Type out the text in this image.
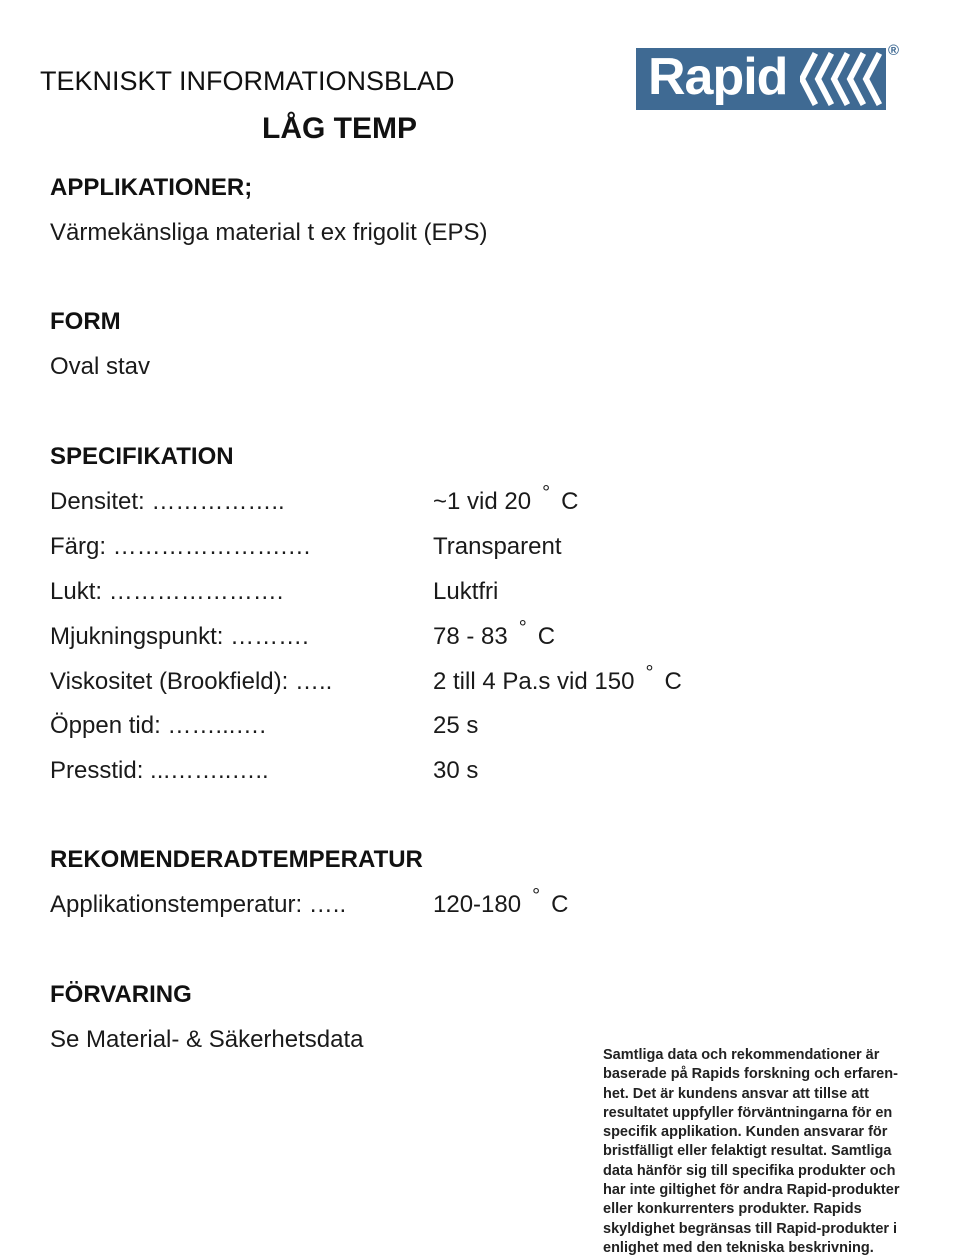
TEKNISKT INFORMATIONSBLAD
LÅG TEMP
Rapid	®
APPLIKATIONER;
Värmekänsliga material t ex frigolit (EPS)
FORM
Oval stav
SPECIFIKATION
Densitet: ……………..	~1 vid 20 ° C
Färg: ………………….…	Transparent
Lukt: ………………….	Luktfri
Mjukningspunkt: ……….	78 - 83 ° C
Viskositet (Brookfield): …..	2 till 4 Pa.s vid 150 ° C
Öppen tid: ……...….	25 s
Presstid: ...……..…..	30 s
REKOMENDERADTEMPERATUR
Applikationstemperatur: …..	120-180 ° C
FÖRVARING
Se Material- & Säkerhetsdata
Samtliga data och rekommendationer är
baserade på Rapids forskning och erfaren-
het. Det är kundens ansvar att tillse att
resultatet uppfyller förväntningarna för en
specifik applikation. Kunden ansvarar för
bristfälligt eller felaktigt resultat. Samtliga
data hänför sig till specifika produkter och
har inte giltighet för andra Rapid-produkter
eller konkurrenters produkter. Rapids
skyldighet begränsas till Rapid-produkter i
enlighet med den tekniska beskrivning.
